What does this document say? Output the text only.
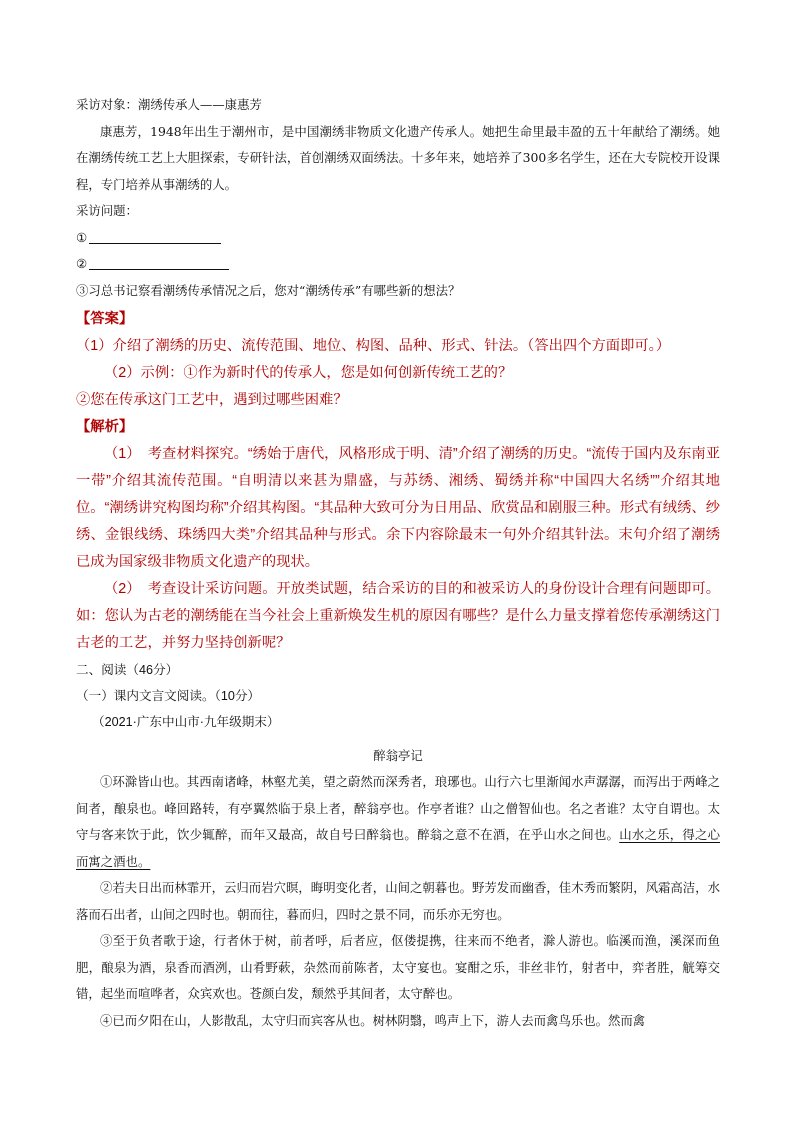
采访对象：潮绣传承人——康惠芳

康惠芳，1948年出生于潮州市，是中国潮绣非物质文化遗产传承人。她把生命里最丰盈的五十年献给了潮绣。她在潮绣传统工艺上大胆探索，专研针法，首创潮绣双面绣法。十多年来，她培养了300多名学生，还在大专院校开设课程，专门培养从事潮绣的人。

采访问题：

①

②

③习总书记察看潮绣传承情况之后，您对“潮绣传承”有哪些新的想法？

【答案】（1）介绍了潮绣的历史、流传范围、地位、构图、品种、形式、针法。（答出四个方面即可。）

（2）示例：①作为新时代的传承人，您是如何创新传统工艺的？

②您在传承这门工艺中，遇到过哪些困难？

【解析】

（1）　考查材料探究。“绣始于唐代，风格形成于明、清”介绍了潮绣的历史。“流传于国内及东南亚一带”介绍其流传范围。“自明清以来甚为鼎盛，与苏绣、湘绣、蜀绣并称“中国四大名绣””介绍其地位。“潮绣讲究构图均称”介绍其构图。“其品种大致可分为日用品、欣赏品和剧服三种。形式有绒绣、纱绣、金银线绣、珠绣四大类”介绍其品种与形式。余下内容除最末一句外介绍其针法。末句介绍了潮绣已成为国家级非物质文化遗产的现状。

（2）　考查设计采访问题。开放类试题，结合采访的目的和被采访人的身份设计合理有问题即可。如：您认为古老的潮绣能在当今社会上重新焕发生机的原因有哪些？是什么力量支撑着您传承潮绣这门古老的工艺，并努力坚持创新呢？

二、阅读（46分）

（一）课内文言文阅读。（10分）

（2021·广东中山市·九年级期末）

醉翁亭记

①环滁皆山也。其西南诸峰，林壑尤美，望之蔚然而深秀者，琅琊也。山行六七里渐闻水声潺潺，而泻出于两峰之间者，酿泉也。峰回路转，有亭翼然临于泉上者，醉翁亭也。作亭者谁？山之僧智仙也。名之者谁？太守自谓也。太守与客来饮于此，饮少辄醉，而年又最高，故自号曰醉翁也。醉翁之意不在酒，在乎山水之间也。山水之乐，得之心而寓之酒也。

②若夫日出而林霏开，云归而岩穴暝，晦明变化者，山间之朝暮也。野芳发而幽香，佳木秀而繁阴，风霜高洁，水落而石出者，山间之四时也。朝而往，暮而归，四时之景不同，而乐亦无穷也。

③至于负者歌于途，行者休于树，前者呼，后者应，伛偻提携，往来而不绝者，滁人游也。临溪而渔，溪深而鱼肥，酿泉为酒，泉香而酒洌，山肴野蔌，杂然而前陈者，太守宴也。宴酣之乐，非丝非竹，射者中，弈者胜，觥筹交错，起坐而喧哗者，众宾欢也。苍颜白发，颓然乎其间者，太守醉也。

④已而夕阳在山，人影散乱，太守归而宾客从也。树林阴翳，鸣声上下，游人去而禽鸟乐也。然而禽
